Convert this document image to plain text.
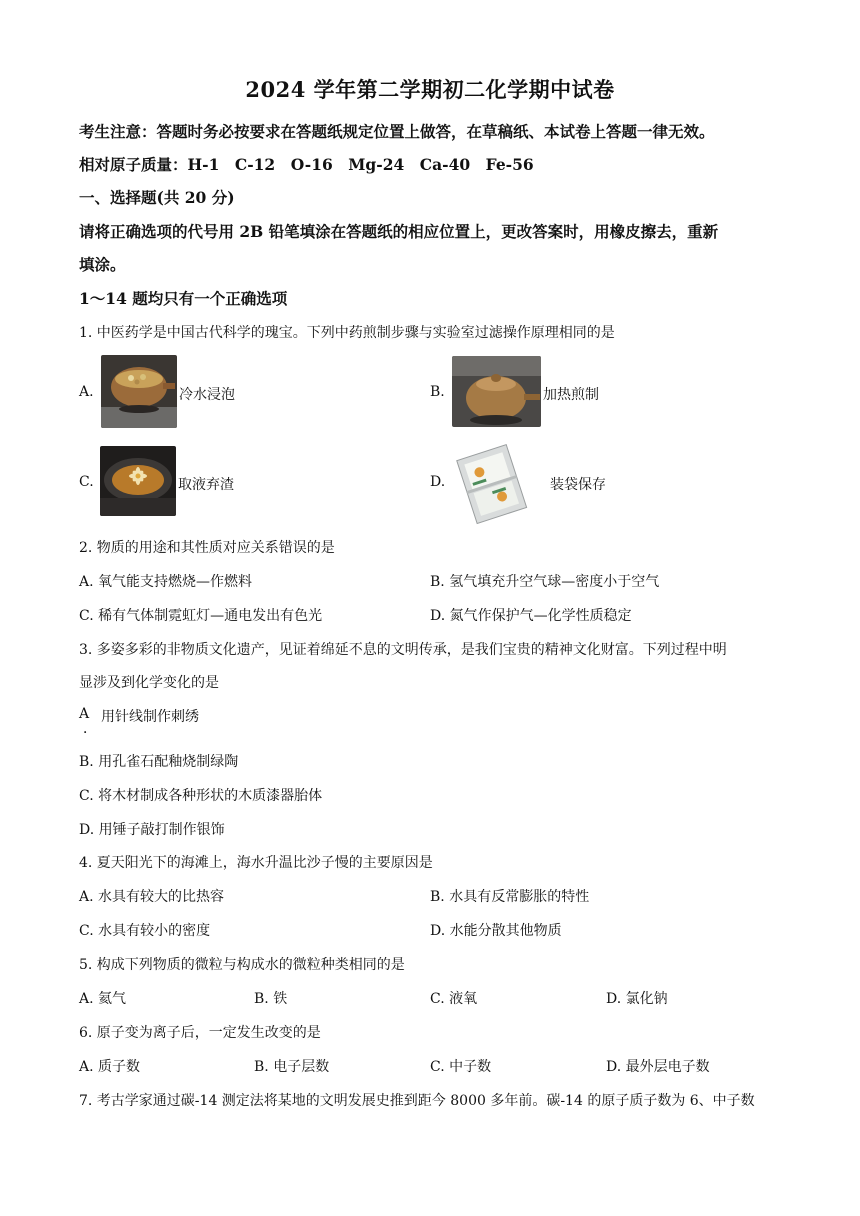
2024 学年第二学期初二化学期中试卷
考生注意：答题时务必按要求在答题纸规定位置上做答，在草稿纸、本试卷上答题一律无效。
相对原子质量：H-1　C-12　O-16　Mg-24　Ca-40　Fe-56
一、选择题(共 20 分)
请将正确选项的代号用 2B 铅笔填涂在答题纸的相应位置上，更改答案时，用橡皮擦去，重新
填涂。
1～14 题均只有一个正确选项
1. 中医药学是中国古代科学的瑰宝。下列中药煎制步骤与实验室过滤操作原理相同的是
A.	冷水浸泡	B.	加热煎制
C.	取液弃渣	D.	装袋保存
2. 物质的用途和其性质对应关系错误的是
A. 氧气能支持燃烧—作燃料	B. 氢气填充升空气球—密度小于空气
C. 稀有气体制霓虹灯—通电发出有色光	D. 氮气作保护气—化学性质稳定
3. 多姿多彩的非物质文化遗产，见证着绵延不息的文明传承，是我们宝贵的精神文化财富。下列过程中明
显涉及到化学变化的是
A
．
用针线制作刺绣
B. 用孔雀石配釉烧制绿陶
C. 将木材制成各种形状的木质漆器胎体
D. 用锤子敲打制作银饰
4. 夏天阳光下的海滩上，海水升温比沙子慢的主要原因是
A. 水具有较大的比热容	B. 水具有反常膨胀的特性
C. 水具有较小的密度	D. 水能分散其他物质
5. 构成下列物质的微粒与构成水的微粒种类相同的是
A. 氦气	B. 铁	C. 液氧	D. 氯化钠
6. 原子变为离子后，一定发生改变的是
A. 质子数	B. 电子层数	C. 中子数	D. 最外层电子数
7. 考古学家通过碳-14 测定法将某地的文明发展史推到距今 8000 多年前。碳-14 的原子质子数为 6、中子数
